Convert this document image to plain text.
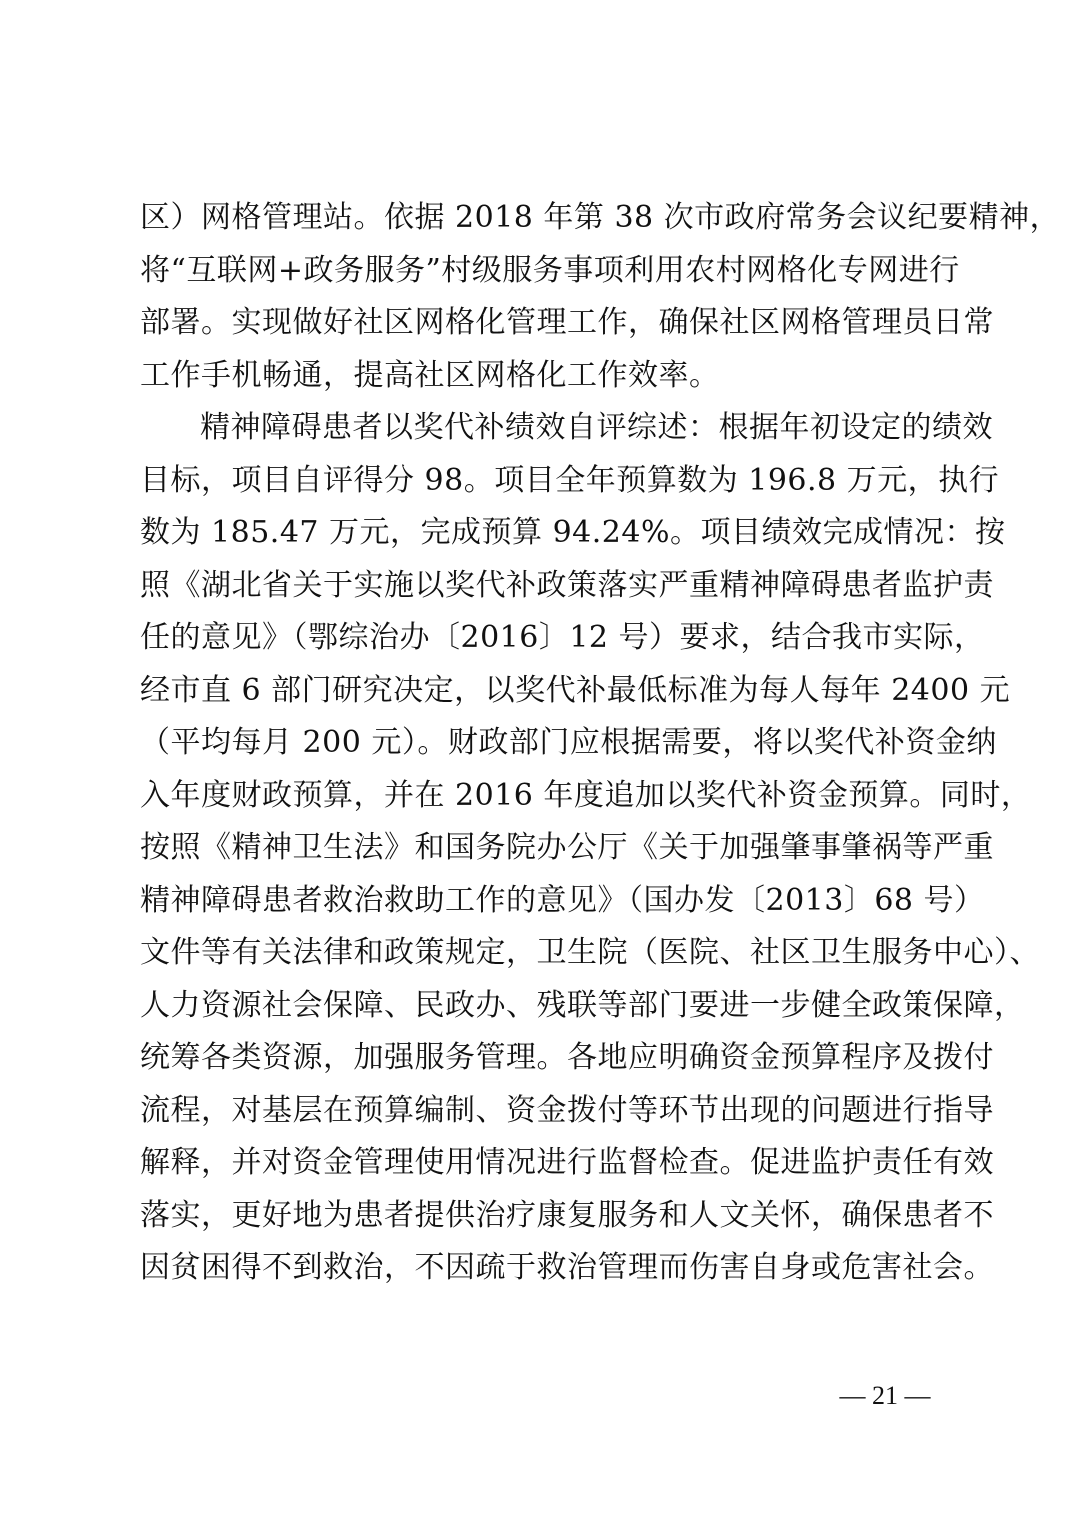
区）网格管理站。依据 2018 年第 38 次市政府常务会议纪要精神，
将“互联网+政务服务”村级服务事项利用农村网格化专网进行
部署。实现做好社区网格化管理工作，确保社区网格管理员日常
工作手机畅通，提高社区网格化工作效率。
精神障碍患者以奖代补绩效自评综述：根据年初设定的绩效
目标，项目自评得分 98。项目全年预算数为 196.8 万元，执行
数为 185.47 万元，完成预算 94.24%。项目绩效完成情况：按
照《湖北省关于实施以奖代补政策落实严重精神障碍患者监护责
任的意见》（鄂综治办〔2016〕12 号）要求，结合我市实际，
经市直 6 部门研究决定，以奖代补最低标准为每人每年 2400 元
（平均每月 200 元）。财政部门应根据需要，将以奖代补资金纳
入年度财政预算，并在 2016 年度追加以奖代补资金预算。同时，
按照《精神卫生法》和国务院办公厅《关于加强肇事肇祸等严重
精神障碍患者救治救助工作的意见》（国办发〔2013〕68 号）
文件等有关法律和政策规定，卫生院（医院、社区卫生服务中心）、
人力资源社会保障、民政办、残联等部门要进一步健全政策保障，
统筹各类资源，加强服务管理。各地应明确资金预算程序及拨付
流程，对基层在预算编制、资金拨付等环节出现的问题进行指导
解释，并对资金管理使用情况进行监督检查。促进监护责任有效
落实，更好地为患者提供治疗康复服务和人文关怀，确保患者不
因贫困得不到救治，不因疏于救治管理而伤害自身或危害社会。
— 21 —
